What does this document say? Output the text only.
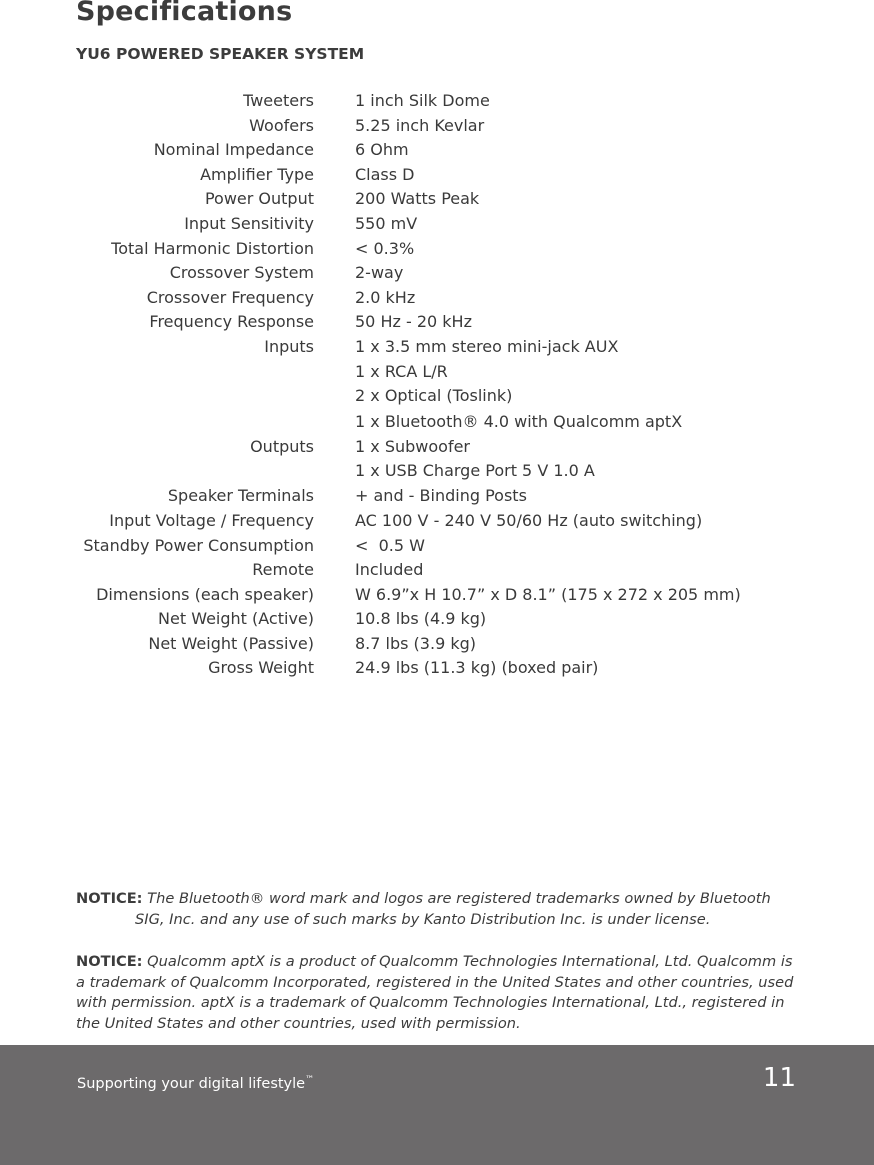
Specifications
YU6 POWERED SPEAKER SYSTEM
Tweeters	1 inch Silk Dome
Woofers	5.25 inch Kevlar
Nominal Impedance	6 Ohm
Amplifier Type	Class D
Power Output	200 Watts Peak
Input Sensitivity	550 mV
Total Harmonic Distortion	< 0.3%
Crossover System	2-way
Crossover Frequency	2.0 kHz
Frequency Response	50 Hz - 20 kHz
Inputs	1 x 3.5 mm stereo mini-jack AUX
1 x RCA L/R
2 x Optical (Toslink)
1 x Bluetooth® 4.0 with Qualcomm aptX
Outputs	1 x Subwoofer
1 x USB Charge Port 5 V 1.0 A
Speaker Terminals	+ and - Binding Posts
Input Voltage / Frequency	AC 100 V - 240 V 50/60 Hz (auto switching)
Standby Power Consumption	<  0.5 W
Remote	Included
Dimensions (each speaker)	W 6.9”x H 10.7” x D 8.1” (175 x 272 x 205 mm)
Net Weight (Active)	10.8 lbs (4.9 kg)
Net Weight (Passive)	8.7 lbs (3.9 kg)
Gross Weight	24.9 lbs (11.3 kg) (boxed pair)
NOTICE: The Bluetooth® word mark and logos are registered trademarks owned by Bluetooth
SIG, Inc. and any use of such marks by Kanto Distribution Inc. is under license.
NOTICE: Qualcomm aptX is a product of Qualcomm Technologies International, Ltd. Qualcomm is a trademark of Qualcomm Incorporated, registered in the United States and other countries, used with permission. aptX is a trademark of Qualcomm Technologies International, Ltd., registered in the United States and other countries, used with permission.
Supporting your digital lifestyle™	11
